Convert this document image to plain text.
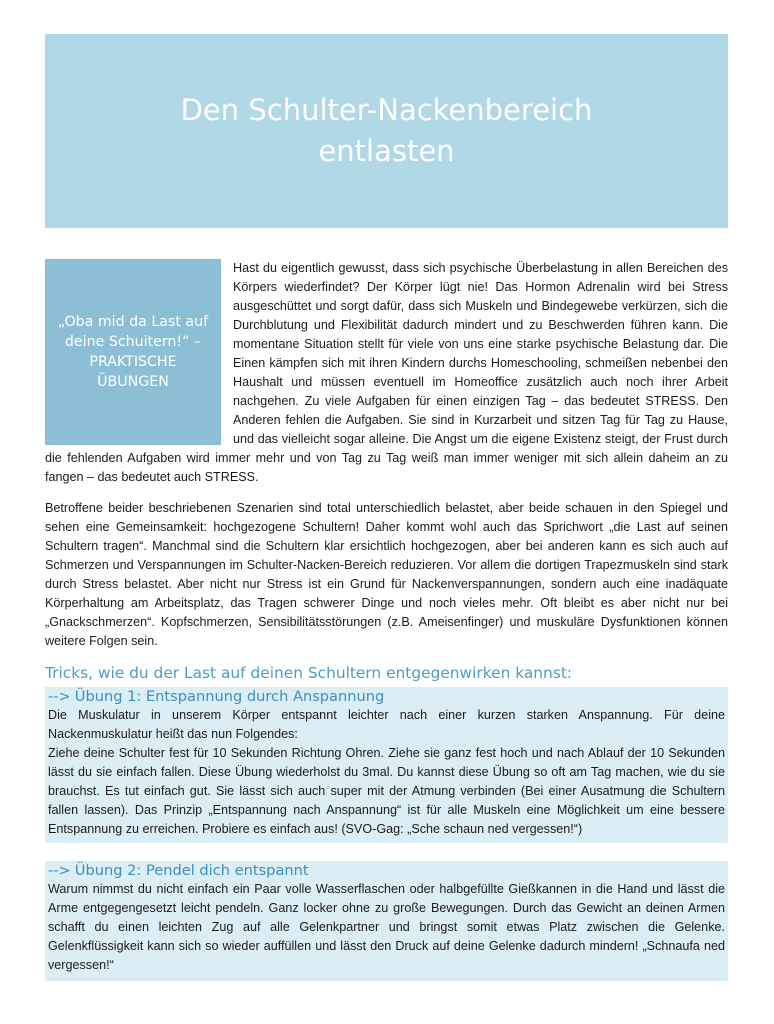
Den Schulter-Nackenbereich
entlasten
„Oba mid da Last auf
deine Schuitern!“ –
PRAKTISCHE
ÜBUNGEN

Hast du eigentlich gewusst, dass sich psychische Überbelastung in allen Bereichen des Körpers wiederfindet? Der Körper lügt nie! Das Hormon Adrenalin wird bei Stress ausgeschüttet und sorgt dafür, dass sich Muskeln und Bindegewebe verkürzen, sich die Durchblutung und Flexibilität dadurch mindert und zu Beschwerden führen kann. Die momentane Situation stellt für viele von uns eine starke psychische Belastung dar. Die Einen kämpfen sich mit ihren Kindern durchs Homeschooling, schmeißen nebenbei den Haushalt und müssen eventuell im Homeoffice zusätzlich auch noch ihrer Arbeit nachgehen. Zu viele Aufgaben für einen einzigen Tag – das bedeutet STRESS. Den Anderen fehlen die Aufgaben. Sie sind in Kurzarbeit und sitzen Tag für Tag zu Hause, und das vielleicht sogar alleine. Die Angst um die eigene Existenz steigt, der Frust durch die fehlenden Aufgaben wird immer mehr und von Tag zu Tag weiß man immer weniger mit sich allein daheim an zu fangen – das bedeutet auch STRESS.

Betroffene beider beschriebenen Szenarien sind total unterschiedlich belastet, aber beide schauen in den Spiegel und sehen eine Gemeinsamkeit: hochgezogene Schultern! Daher kommt wohl auch das Sprichwort „die Last auf seinen Schultern tragen“. Manchmal sind die Schultern klar ersichtlich hochgezogen, aber bei anderen kann es sich auch auf Schmerzen und Verspannungen im Schulter-Nacken-Bereich reduzieren. Vor allem die dortigen Trapezmuskeln sind stark durch Stress belastet. Aber nicht nur Stress ist ein Grund für Nackenverspannungen, sondern auch eine inadäquate Körperhaltung am Arbeitsplatz, das Tragen schwerer Dinge und noch vieles mehr. Oft bleibt es aber nicht nur bei „Gnackschmerzen“. Kopfschmerzen, Sensibilitätsstörungen (z.B. Ameisenfinger) und muskuläre Dysfunktionen können weitere Folgen sein.

Tricks, wie du der Last auf deinen Schultern entgegenwirken kannst:
--> Übung 1: Entspannung durch Anspannung

Die Muskulatur in unserem Körper entspannt leichter nach einer kurzen starken Anspannung. Für deine Nackenmuskulatur heißt das nun Folgendes:

Ziehe deine Schulter fest für 10 Sekunden Richtung Ohren. Ziehe sie ganz fest hoch und nach Ablauf der 10 Sekunden lässt du sie einfach fallen. Diese Übung wiederholst du 3mal. Du kannst diese Übung so oft am Tag machen, wie du sie brauchst. Es tut einfach gut. Sie lässt sich auch super mit der Atmung verbinden (Bei einer Ausatmung die Schultern fallen lassen). Das Prinzip „Entspannung nach Anspannung“ ist für alle Muskeln eine Möglichkeit um eine bessere Entspannung zu erreichen. Probiere es einfach aus! (SVO-Gag: „Sche schaun ned vergessen!“)

--> Übung 2: Pendel dich entspannt

Warum nimmst du nicht einfach ein Paar volle Wasserflaschen oder halbgefüllte Gießkannen in die Hand und lässt die Arme entgegengesetzt leicht pendeln. Ganz locker ohne zu große Bewegungen. Durch das Gewicht an deinen Armen schafft du einen leichten Zug auf alle Gelenkpartner und bringst somit etwas Platz zwischen die Gelenke. Gelenkflüssigkeit kann sich so wieder auffüllen und lässt den Druck auf deine Gelenke dadurch mindern! „Schnaufa ned vergessen!“
